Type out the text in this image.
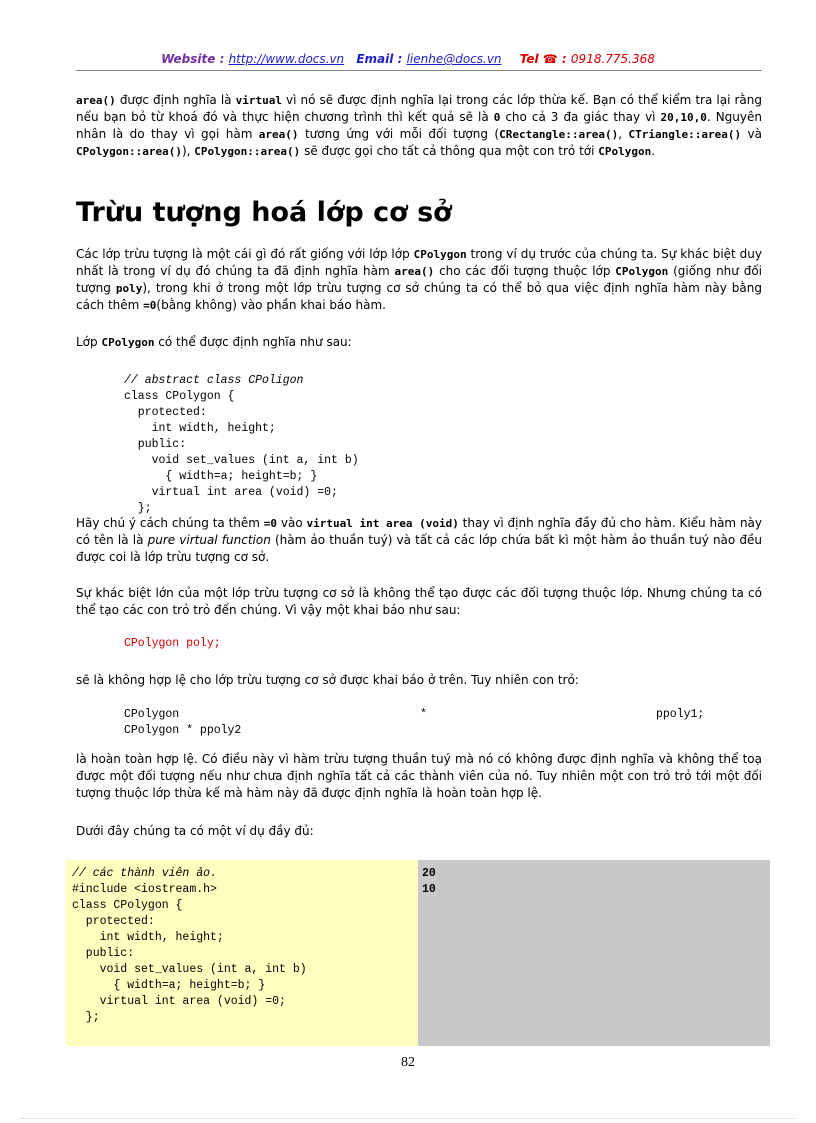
Website : http://www.docs.vn Email : lienhe@docs.vn Tel ☎ : 0918.775.368

area() được định nghĩa là virtual vì nó sẽ được định nghĩa lại trong các lớp thừa kế. Bạn có thể kiểm tra lại rằng nếu bạn bỏ từ khoá đó và thực hiện chương trình thì kết quả sẽ là 0 cho cả 3 đa giác thay vì 20,10,0. Nguyên nhân là do thay vì gọi hàm area() tương ứng với mỗi đối tượng (CRectangle::area(), CTriangle::area() và CPolygon::area()), CPolygon::area() sẽ được gọi cho tất cả thông qua một con trỏ tới CPolygon.

Trừu tượng hoá lớp cơ sở

Các lớp trừu tượng là một cái gì đó rất giống với lớp lớp CPolygon trong ví dụ trước của chúng ta. Sự khác biệt duy nhất là trong ví dụ đó chúng ta đã định nghĩa hàm area() cho các đối tượng thuộc lớp CPolygon (giống như đối tượng poly), trong khi ở trong một lớp trừu tượng cơ sở chúng ta có thể bỏ qua việc định nghĩa hàm này bằng cách thêm =0(bằng không) vào phần khai báo hàm.

Lớp CPolygon có thể được định nghĩa như sau:

// abstract class CPoligon
class CPolygon {
protected:
int width, height;
public:
void set_values (int a, int b)
{ width=a; height=b; }
virtual int area (void) =0;
};

Hãy chú ý cách chúng ta thêm =0 vào virtual int area (void) thay vì định nghĩa đầy đủ cho hàm. Kiểu hàm này có tên là là pure virtual function (hàm ảo thuần tuý) và tất cả các lớp chứa bất kì một hàm ảo thuần tuý nào đều được coi là lớp trừu tượng cơ sở.

Sự khác biệt lớn của một lớp trừu tượng cơ sở là không thể tạo được các đối tượng thuộc lớp. Nhưng chúng ta có thể tạo các con trỏ trỏ đến chúng. Vì vậy một khai báo như sau:

CPolygon poly;

sẽ là không hợp lệ cho lớp trừu tượng cơ sở được khai báo ở trên. Tuy nhiên con trỏ:

CPolygon	*	ppoly1;
CPolygon * ppoly2

là hoàn toàn hợp lệ. Có điều này vì hàm trừu tượng thuần tuý mà nó có không được định nghĩa và không thể toạ được một đối tượng nếu như chưa định nghĩa tất cả các thành viên của nó. Tuy nhiên một con trỏ trỏ tới một đối tượng thuộc lớp thừa kế mà hàm này đã được định nghĩa là hoàn toàn hợp lệ.

Dưới đây chúng ta có một ví dụ đầy đủ:

// các thành viên ảo.
#include <iostream.h>
class CPolygon {
protected:
int width, height;
public:
void set_values (int a, int b)
{ width=a; height=b; }
virtual int area (void) =0;
};
20
10
82
